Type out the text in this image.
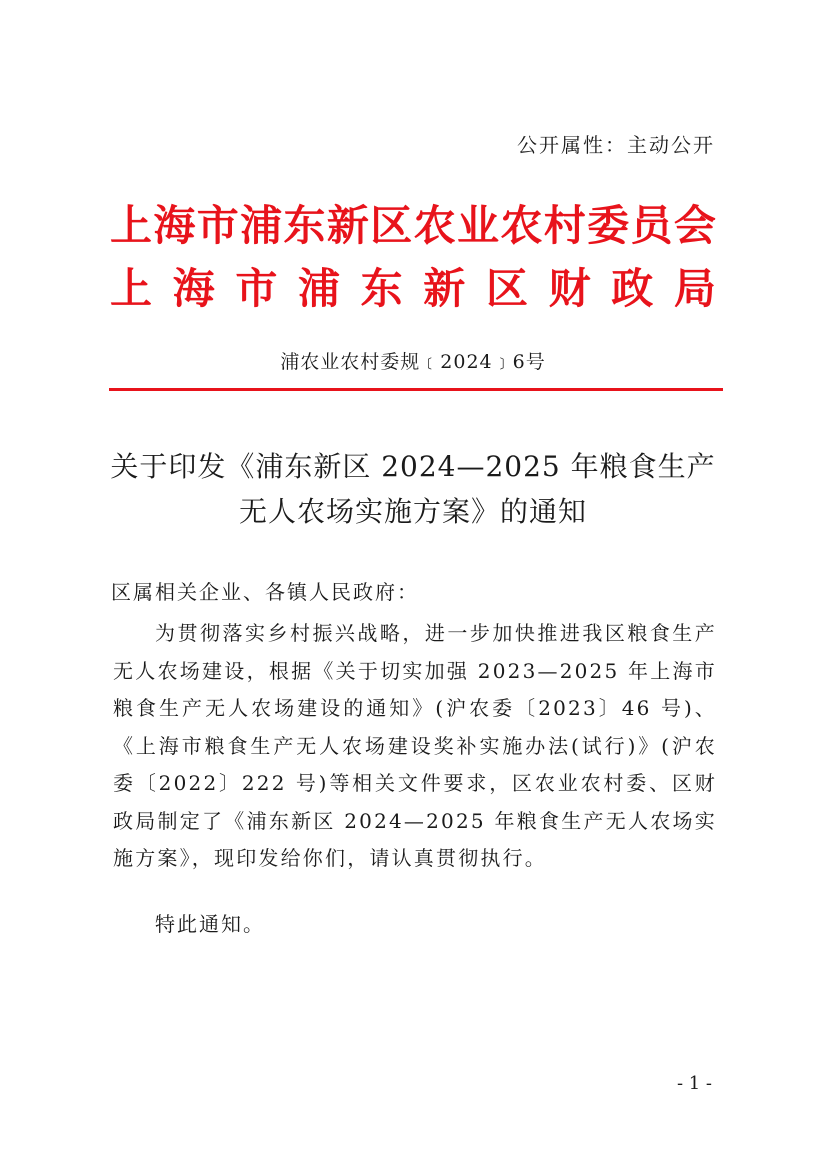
公开属性：主动公开
上 海 市 浦 东 新 区 农 业 农 村 委 员 会
上 海 市 浦 东 新 区 财 政 局
浦农业农村委规﹝2024﹞6号
关于印发《浦东新区 2024—2025 年粮食生产
无人农场实施方案》的通知
区属相关企业、各镇人民政府：
为贯彻落实乡村振兴战略，进一步加快推进我区粮食生产无人农场建设，根据《关于切实加强 2023—2025 年上海市粮食生产无人农场建设的通知》(沪农委〔2023〕46 号)、《上海市粮食生产无人农场建设奖补实施办法(试行)》(沪农委〔2022〕222 号)等相关文件要求，区农业农村委、区财政局制定了《浦东新区 2024—2025 年粮食生产无人农场实施方案》，现印发给你们，请认真贯彻执行。
特此通知。
- 1 -
